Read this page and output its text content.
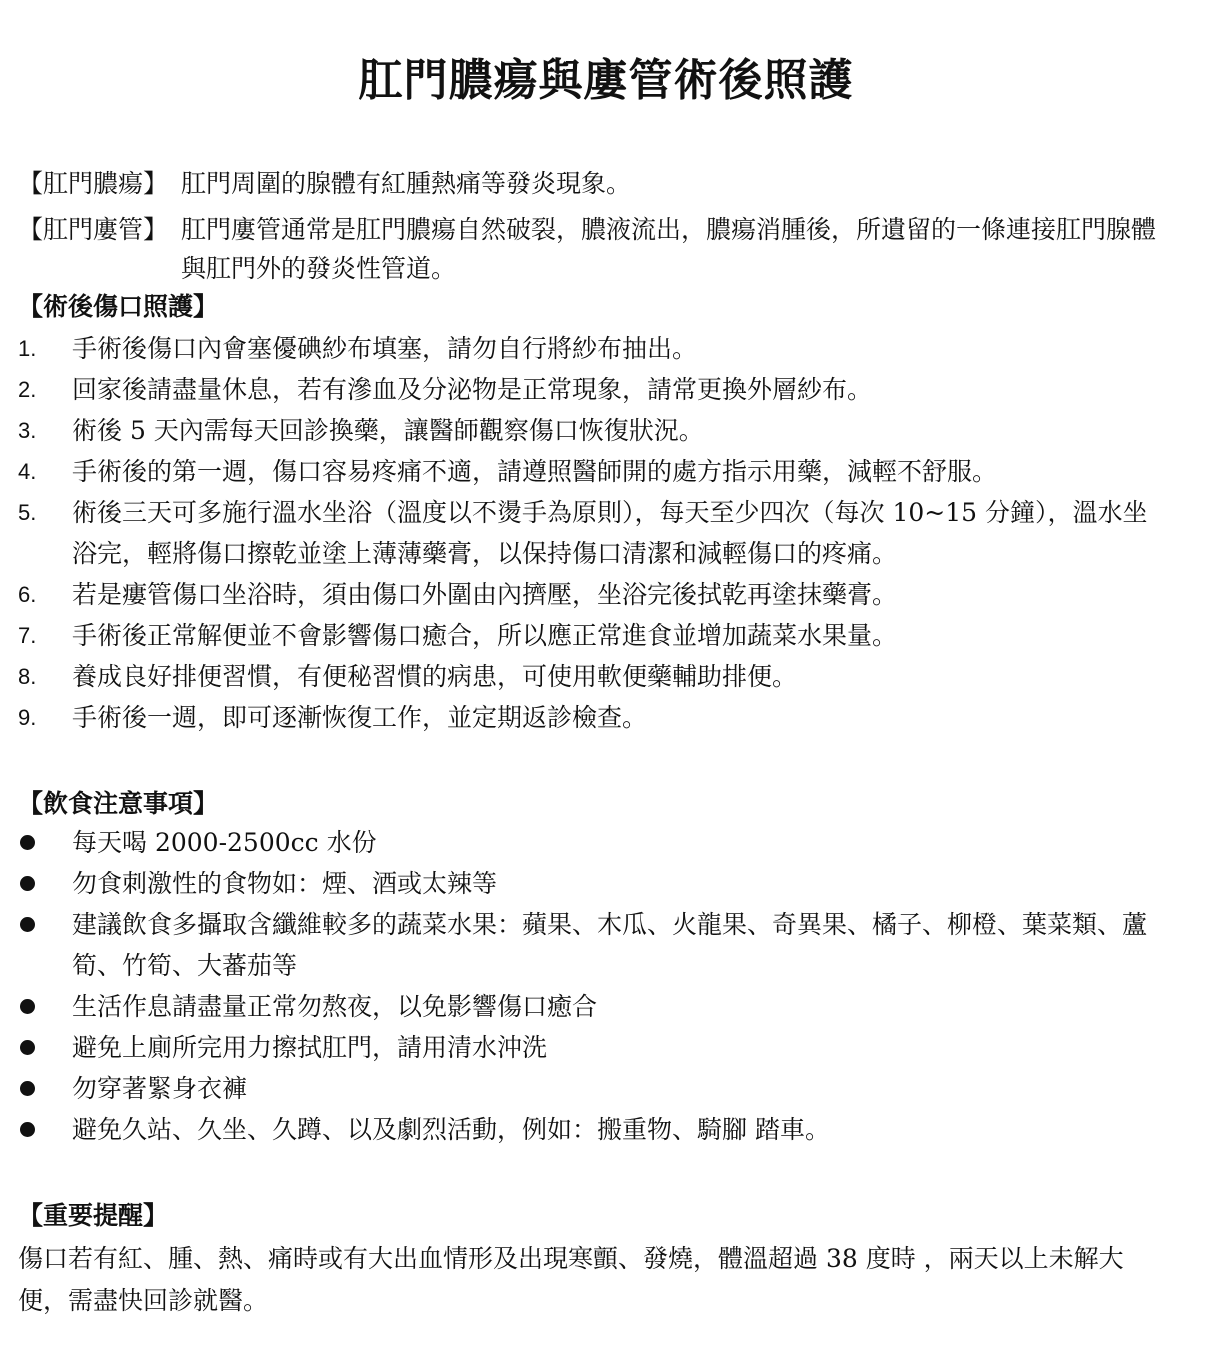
肛門膿瘍與廔管術後照護
【肛門膿瘍】 肛門周圍的腺體有紅腫熱痛等發炎現象。
【肛門廔管】 肛門廔管通常是肛門膿瘍自然破裂，膿液流出，膿瘍消腫後，所遺留的一條連接肛門腺體與肛門外的發炎性管道。
【術後傷口照護】
1. 手術後傷口內會塞優碘紗布填塞，請勿自行將紗布抽出。
2. 回家後請盡量休息，若有滲血及分泌物是正常現象，請常更換外層紗布。
3. 術後 5 天內需每天回診換藥，讓醫師觀察傷口恢復狀況。
4. 手術後的第一週，傷口容易疼痛不適，請遵照醫師開的處方指示用藥，減輕不舒服。
5. 術後三天可多施行溫水坐浴（溫度以不燙手為原則），每天至少四次（每次 10~15 分鐘），溫水坐浴完，輕將傷口擦乾並塗上薄薄藥膏，以保持傷口清潔和減輕傷口的疼痛。
6. 若是瘻管傷口坐浴時，須由傷口外圍由內擠壓，坐浴完後拭乾再塗抹藥膏。
7. 手術後正常解便並不會影響傷口癒合，所以應正常進食並增加蔬菜水果量。
8. 養成良好排便習慣，有便秘習慣的病患，可使用軟便藥輔助排便。
9. 手術後一週，即可逐漸恢復工作，並定期返診檢查。
【飲食注意事項】
每天喝 2000-2500cc 水份
勿食刺激性的食物如：煙、酒或太辣等
建議飲食多攝取含纖維較多的蔬菜水果：蘋果、木瓜、火龍果、奇異果、橘子、柳橙、葉菜類、蘆筍、竹筍、大蕃茄等
生活作息請盡量正常勿熬夜，以免影響傷口癒合
避免上廁所完用力擦拭肛門，請用清水沖洗
勿穿著緊身衣褲
避免久站、久坐、久蹲、以及劇烈活動，例如：搬重物、騎腳 踏車。
【重要提醒】
傷口若有紅、腫、熱、痛時或有大出血情形及出現寒顫、發燒，體溫超過 38 度時 ，兩天以上未解大便，需盡快回診就醫。
